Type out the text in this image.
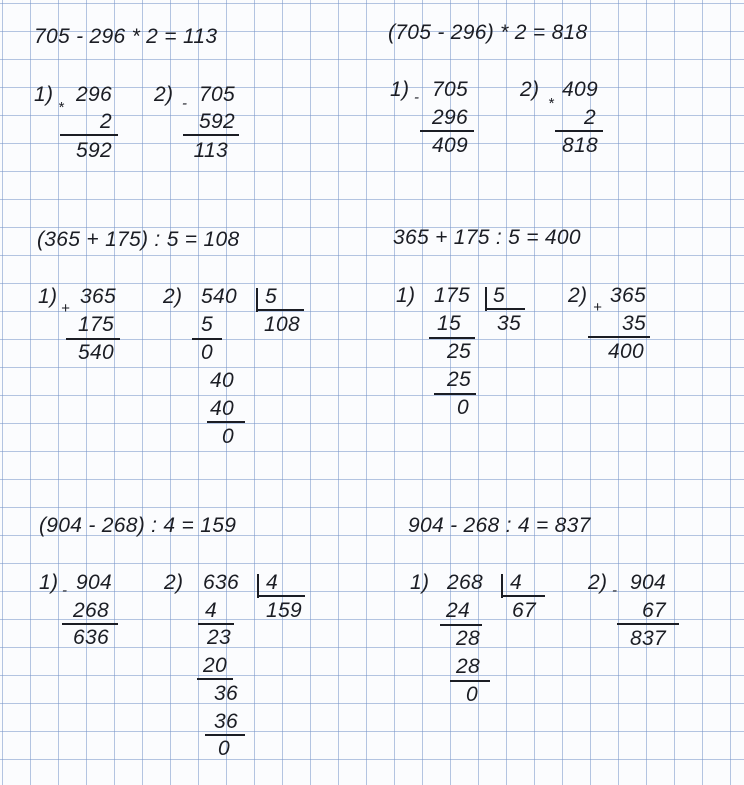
705 - 296 * 2 = 113
1)
*
296
2
592
2) - 705
592
113
(705 - 296) * 2 = 818
1) - 705
296
409
2)
*
409
2
818
(365 + 175) : 5 = 108
1)
+
365
175
540
2) 540 5
108
5
0
40
40
0
365 + 175 : 5 = 400
1) 175 5
35
15
25
25
0
2)
+
365
35
400
(904 - 268) : 4 = 159
1) - 904
268
636
2) 636 4
159
4
23
20
36
36
0
904 - 268 : 4 = 837
1) 268 4
67
24
28
28
0
2) - 904
67
837
